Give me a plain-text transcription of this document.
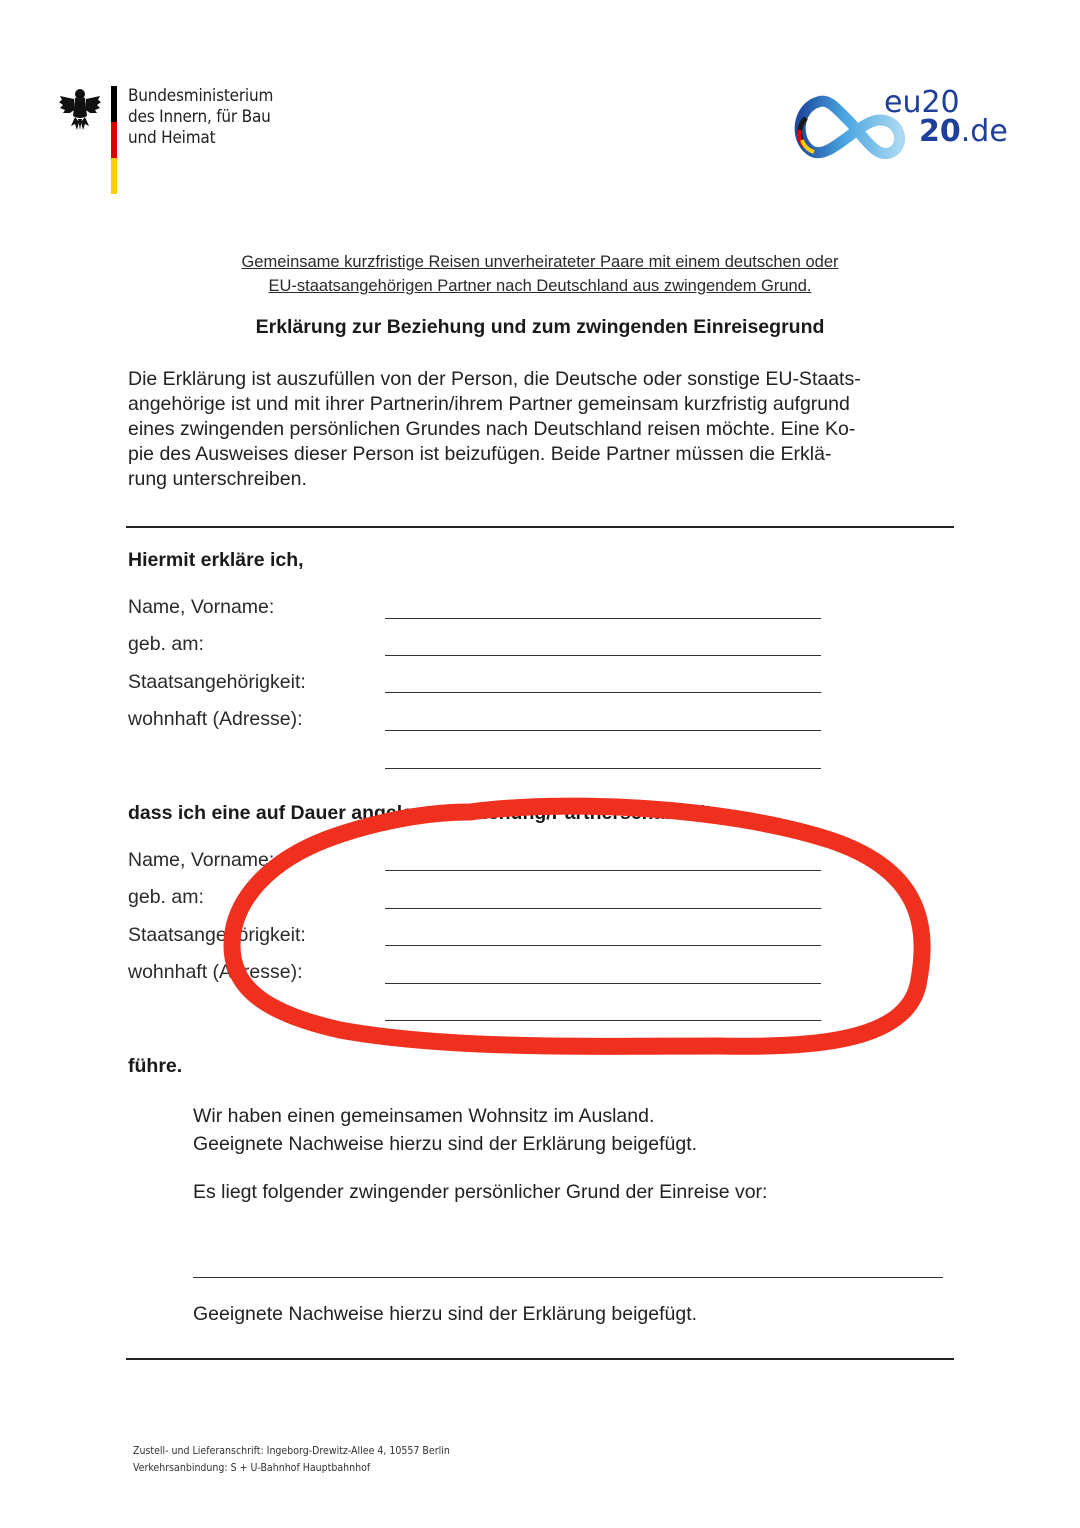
Bundesministerium
des Innern, für Bau
und Heimat
eu20
20.de
Gemeinsame kurzfristige Reisen unverheirateter Paare mit einem deutschen oder
EU-staatsangehörigen Partner nach Deutschland aus zwingendem Grund.
Erklärung zur Beziehung und zum zwingenden Einreisegrund
Die Erklärung ist auszufüllen von der Person, die Deutsche oder sonstige EU-Staats-
angehörige ist und mit ihrer Partnerin/ihrem Partner gemeinsam kurzfristig aufgrund
eines zwingenden persönlichen Grundes nach Deutschland reisen möchte. Eine Ko-
pie des Ausweises dieser Person ist beizufügen. Beide Partner müssen die Erklä-
rung unterschreiben.
Hiermit erkläre ich,
Name, Vorname:
geb. am:
Staatsangehörigkeit:
wohnhaft (Adresse):
dass ich eine auf Dauer angelegte Beziehung/Partnerschaft mit
Name, Vorname:
geb. am:
Staatsangehörigkeit:
wohnhaft (Adresse):
führe.
Wir haben einen gemeinsamen Wohnsitz im Ausland.
Geeignete Nachweise hierzu sind der Erklärung beigefügt.
Es liegt folgender zwingender persönlicher Grund der Einreise vor:
Geeignete Nachweise hierzu sind der Erklärung beigefügt.
Zustell- und Lieferanschrift: Ingeborg-Drewitz-Allee 4, 10557 Berlin
Verkehrsanbindung: S + U-Bahnhof Hauptbahnhof
